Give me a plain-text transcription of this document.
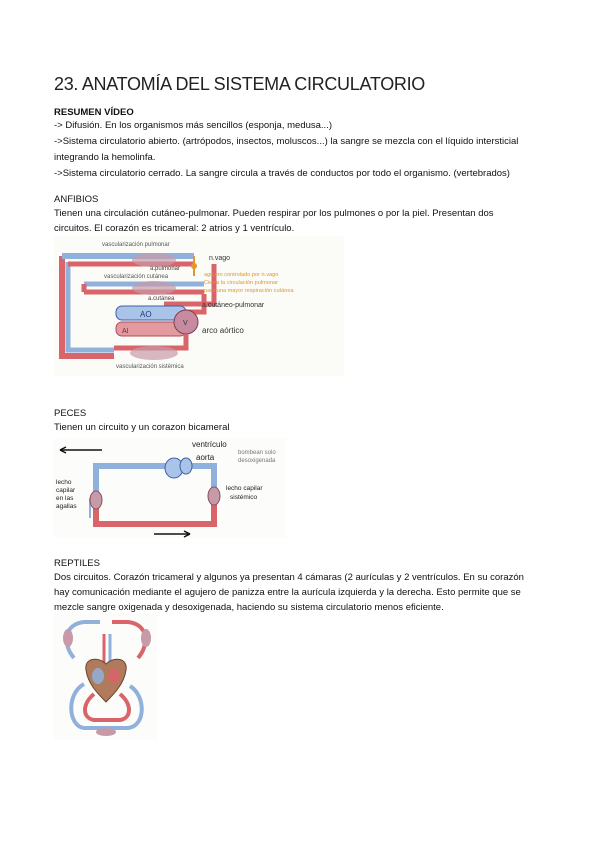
23. ANATOMÍA DEL SISTEMA CIRCULATORIO
RESUMEN VÍDEO
-> Difusión. En los organismos más sencillos (esponja, medusa...)
->Sistema circulatorio abierto. (artrópodos, insectos, moluscos...) la sangre se mezcla con el líquido intersticial
integrando la hemolinfa.
->Sistema circulatorio cerrado. La sangre circula a través de conductos por todo el organismo. (vertebrados)
ANFIBIOS
Tienen una circulación cutáneo-pulmonar. Pueden respirar por los pulmones o por la piel. Presentan dos
circuitos. El corazón es tricameral: 2 atrios y 1 ventrículo.
vascularización pulmonar
a.pulmonar
n.vago
vascularización cutánea
a.cutánea
a.cutáneo-pulmonar
AO
AI
V
arco aórtico
vascularización sistémica
agujero controlado por n.vago
Cierra la circulación pulmonar
para una mayor respiración cutánea
PECES
Tienen un circuito y un corazon bicameral
ventrículo
aorta	bombean solo
desoxigenada
lecho
capilar
en las
agallas
lecho capilar
sistémico
REPTILES
Dos circuitos. Corazón tricameral y algunos ya presentan 4 cámaras (2 aurículas y 2 ventrículos. En su corazón
hay comunicación mediante el agujero de panizza entre la aurícula izquierda y la derecha. Esto permite que se
mezcle sangre oxigenada y desoxigenada, haciendo su sistema circulatorio menos eficiente.
